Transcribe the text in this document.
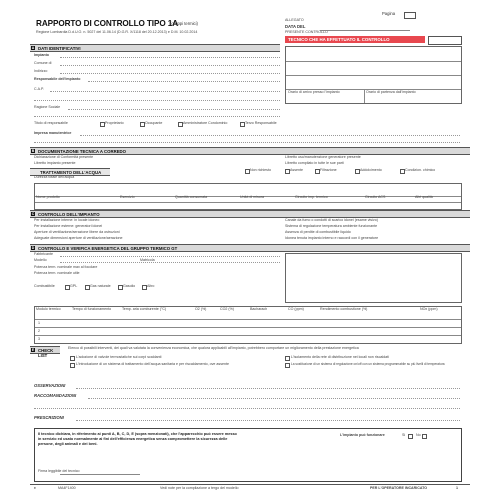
RAPPORTO DI CONTROLLO TIPO 1A
(gruppi termici)
Regione Lombardia D.d.U.O. n. 5027 del 11.06.14 (D.G.R. X/1118 del 20.12.2013) e D.M. 10.02.2014
Pagina
ALLEGATO
DATA DEL
PRESENTE CONTROLLO
TECNICO CHE HA EFFETTUATO IL CONTROLLO
A DATI IDENTIFICATIVI
Impianto
Comune di
Indirizzo
Responsabile dell'impianto
C.A.P.
Ragione Sociale
Titolo di responsabile	Proprietario	Occupante	Amministratore Condominio	Terzo Responsabile
Impresa manutentrice
Orario di arrivo presso l'impianto	Orario di partenza dall'impianto
B DOCUMENTAZIONE TECNICA A CORREDO
Dichiarazione di Conformità presente
Libretto impianto presente
Libretto uso/manutenzione generatore presente
Libretto compilato in tutte le sue parti
TRATTAMENTO DELL'ACQUA
Durezza totale dell'acqua
Non richiesto	Assente	Filtrazione	Addolcimento	Condizion. chimico
Nome prodotto	Esercizio	Quantità consumata	Unità di misura	Circuito imp. termico	Circuito ACS	Altri qualità
C CONTROLLO DELL'IMPIANTO
Per installazione interne: in locale idoneo
Per installazione esterne: generatori idonei
Aperture di ventilazione/aerazione libere da ostruzioni
Adeguate dimensioni aperture di ventilazione/aerazione
Canale da fumo o condotti di scarico idonei (esame visivo)
Sistema di regolazione temperatura ambiente funzionante
Assenza di perdite di combustibile liquido
Idonea tenuta impianto interno e raccordi con il generatore
D CONTROLLO E VERIFICA ENERGETICA DEL GRUPPO TERMICO GT
Fabbricante
Modello	Matricola
Potenza term. nominale max al focolare
Potenza term. nominale utile
Combustibile	GPL	Gas naturale	Gasolio	Altro
Modulo termico	Tempo di funzionamento	Temp. aria comburente (°C)	O2 (%)	CO2 (%)	Bacharach	CO (ppm)	Rendimento combustione (%)	NOx (ppm)
1
2
3
E CHECK LIST
Elenco di possibili interventi, dei quali va valutata la convenienza economica, che qualora applicabili all'impianto, potrebbero comportare un miglioramento della prestazione energetica
L'adozione di valvole termostatiche sui corpi scaldanti	L'isolamento della rete di distribuzione nei locali non riscaldati
L'introduzione di un sistema di trattamento dell'acqua sanitaria e per riscaldamento, ove assente	La sostituzione di un sistema di regolazione on/off con un sistema programmabile su più livelli di temperatura
OSSERVAZIONI
RACCOMANDAZIONI
PRESCRIZIONI
Il tecnico dichiara, in riferimento ai punti A, B, C, D, E (sopra menzionati), che l'apparecchio può essere messo in servizio ed usato normalmente ai fini dell'efficienza energetica senza compromettere la sicurezza delle persone, degli animali e dei beni.
L'impianto può funzionare	Si	No
Firma leggibile del tecnico
♦	MA4F1400	Vedi note per la compilazione a tergo del modello	PER L'OPERATORE INCARICATO	1
